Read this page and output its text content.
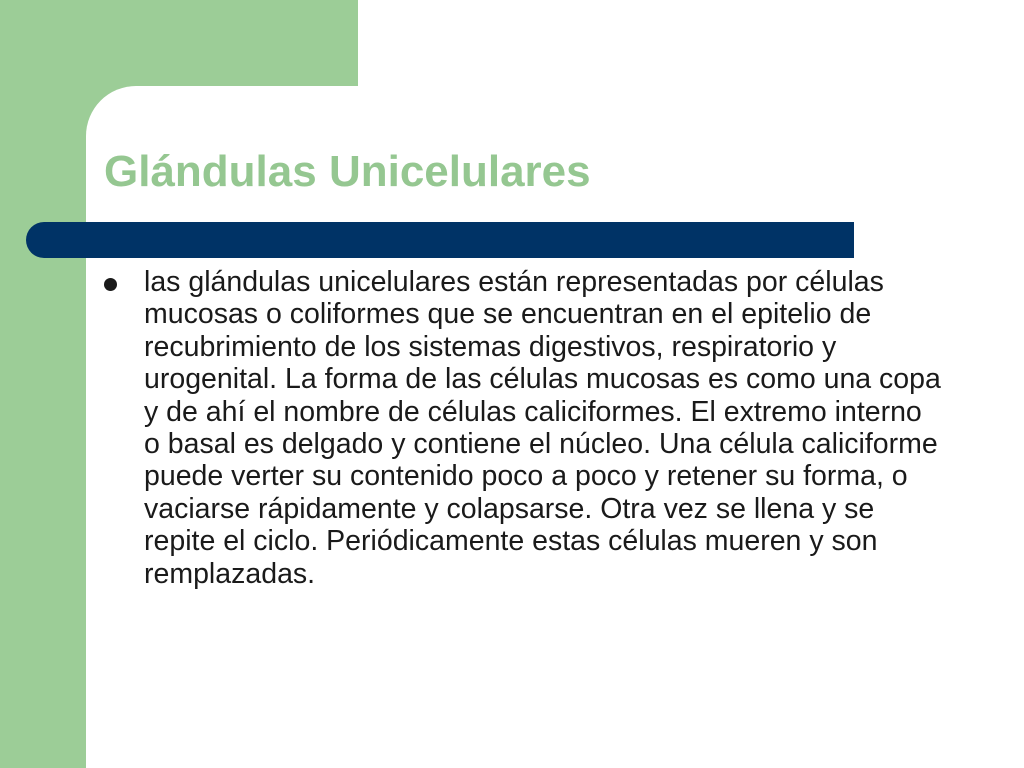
Glándulas Unicelulares

las glándulas unicelulares están representadas por células mucosas o coliformes que se encuentran en el epitelio de recubrimiento de los sistemas digestivos, respiratorio y urogenital. La forma de las células mucosas es como una copa y de ahí el nombre de células caliciformes. El extremo interno o basal es delgado y contiene el núcleo. Una célula caliciforme puede verter su contenido poco a poco y retener su forma, o vaciarse rápidamente y colapsarse. Otra vez se llena y se repite el ciclo. Periódicamente estas células mueren y son remplazadas.
